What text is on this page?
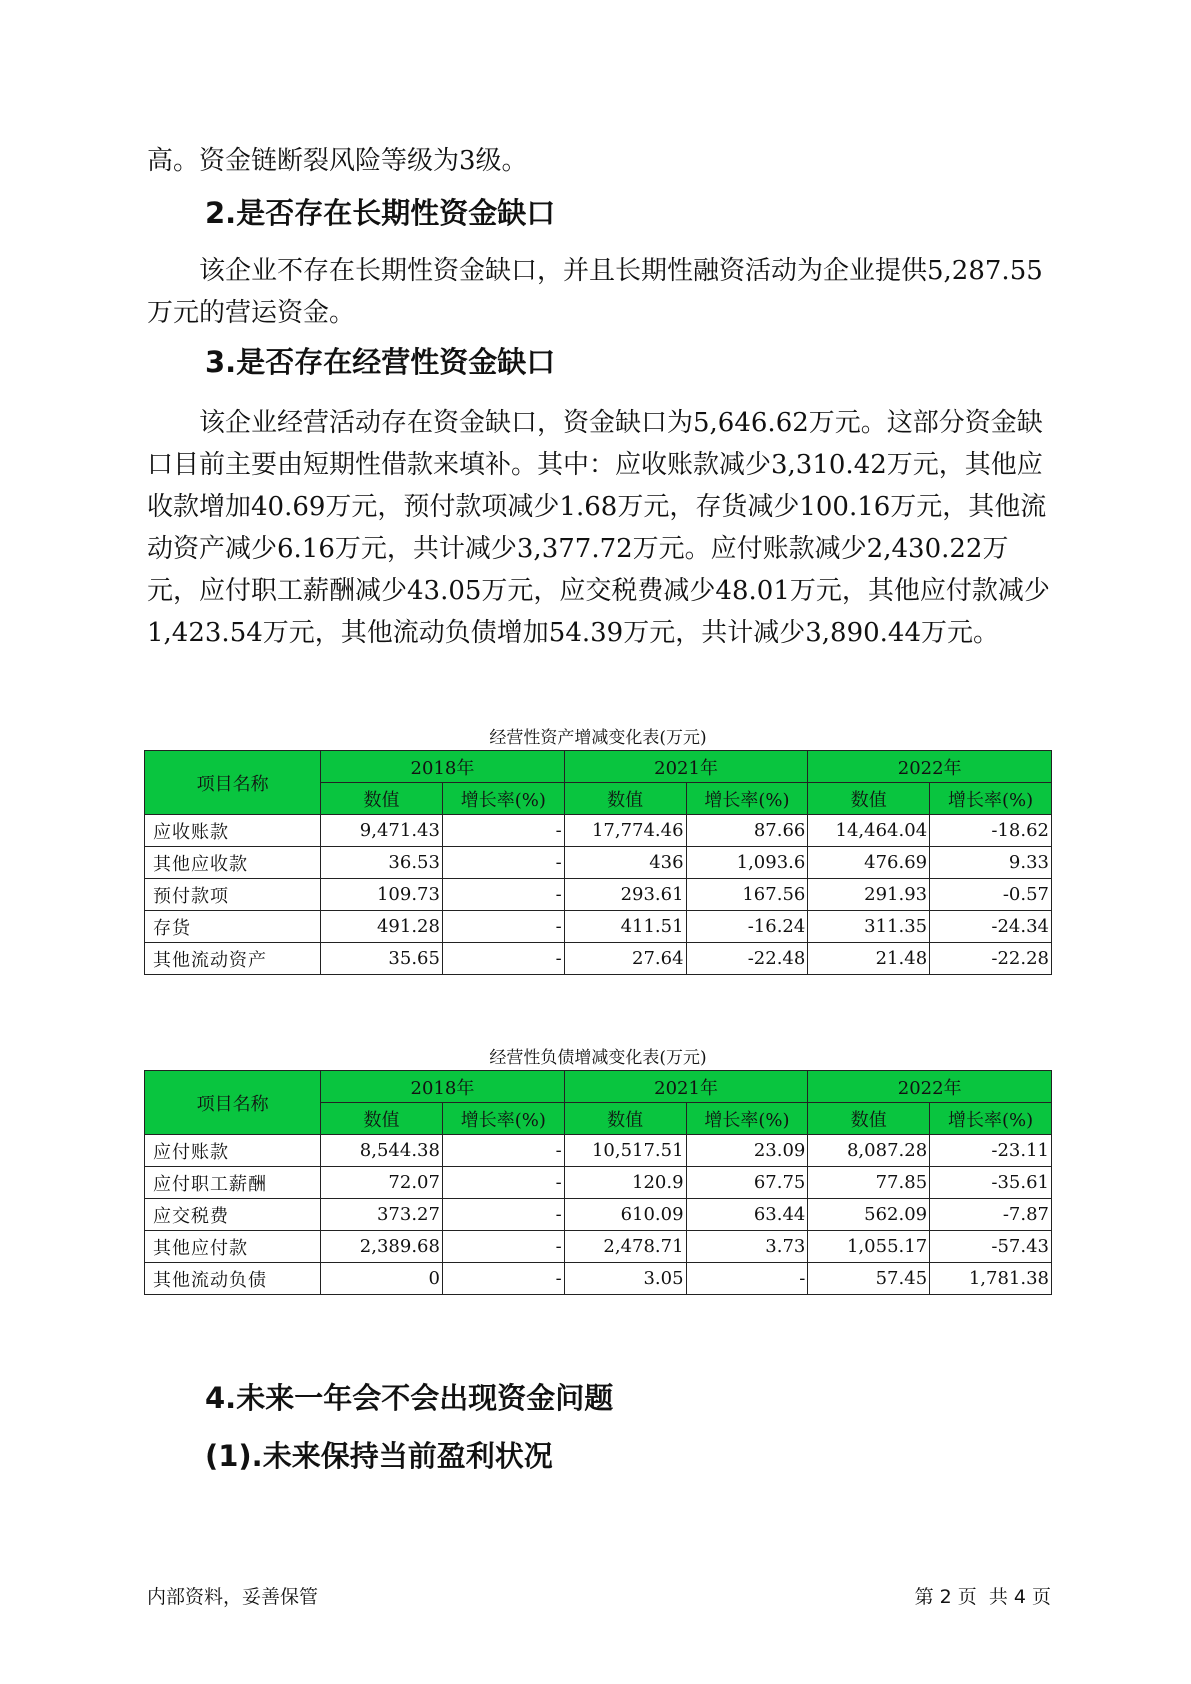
高。资金链断裂风险等级为3级。

2.是否存在长期性资金缺口

该企业不存在长期性资金缺口，并且长期性融资活动为企业提供5,287.55万元的营运资金。

3.是否存在经营性资金缺口

该企业经营活动存在资金缺口，资金缺口为5,646.62万元。这部分资金缺口目前主要由短期性借款来填补。其中：应收账款减少3,310.42万元，其他应收款增加40.69万元，预付款项减少1.68万元，存货减少100.16万元，其他流动资产减少6.16万元，共计减少3,377.72万元。应付账款减少2,430.22万元，应付职工薪酬减少43.05万元，应交税费减少48.01万元，其他应付款减少1,423.54万元，其他流动负债增加54.39万元，共计减少3,890.44万元。

经营性资产增减变化表(万元)
项目名称	2018年		2021年		2022年	
	数值	增长率(%)	数值	增长率(%)	数值	增长率(%)
应收账款	9,471.43	-	17,774.46	87.66	14,464.04	-18.62
其他应收款	36.53	-	436	1,093.6	476.69	9.33
预付款项	109.73	-	293.61	167.56	291.93	-0.57
存货	491.28	-	411.51	-16.24	311.35	-24.34
其他流动资产	35.65	-	27.64	-22.48	21.48	-22.28
经营性负债增减变化表(万元)
项目名称	2018年		2021年		2022年	
	数值	增长率(%)	数值	增长率(%)	数值	增长率(%)
应付账款	8,544.38	-	10,517.51	23.09	8,087.28	-23.11
应付职工薪酬	72.07	-	120.9	67.75	77.85	-35.61
应交税费	373.27	-	610.09	63.44	562.09	-7.87
其他应付款	2,389.68	-	2,478.71	3.73	1,055.17	-57.43
其他流动负债	0	-	3.05	-	57.45	1,781.38
4.未来一年会不会出现资金问题
(1).未来保持当前盈利状况
内部资料，妥善保管	第 2 页  共 4 页
